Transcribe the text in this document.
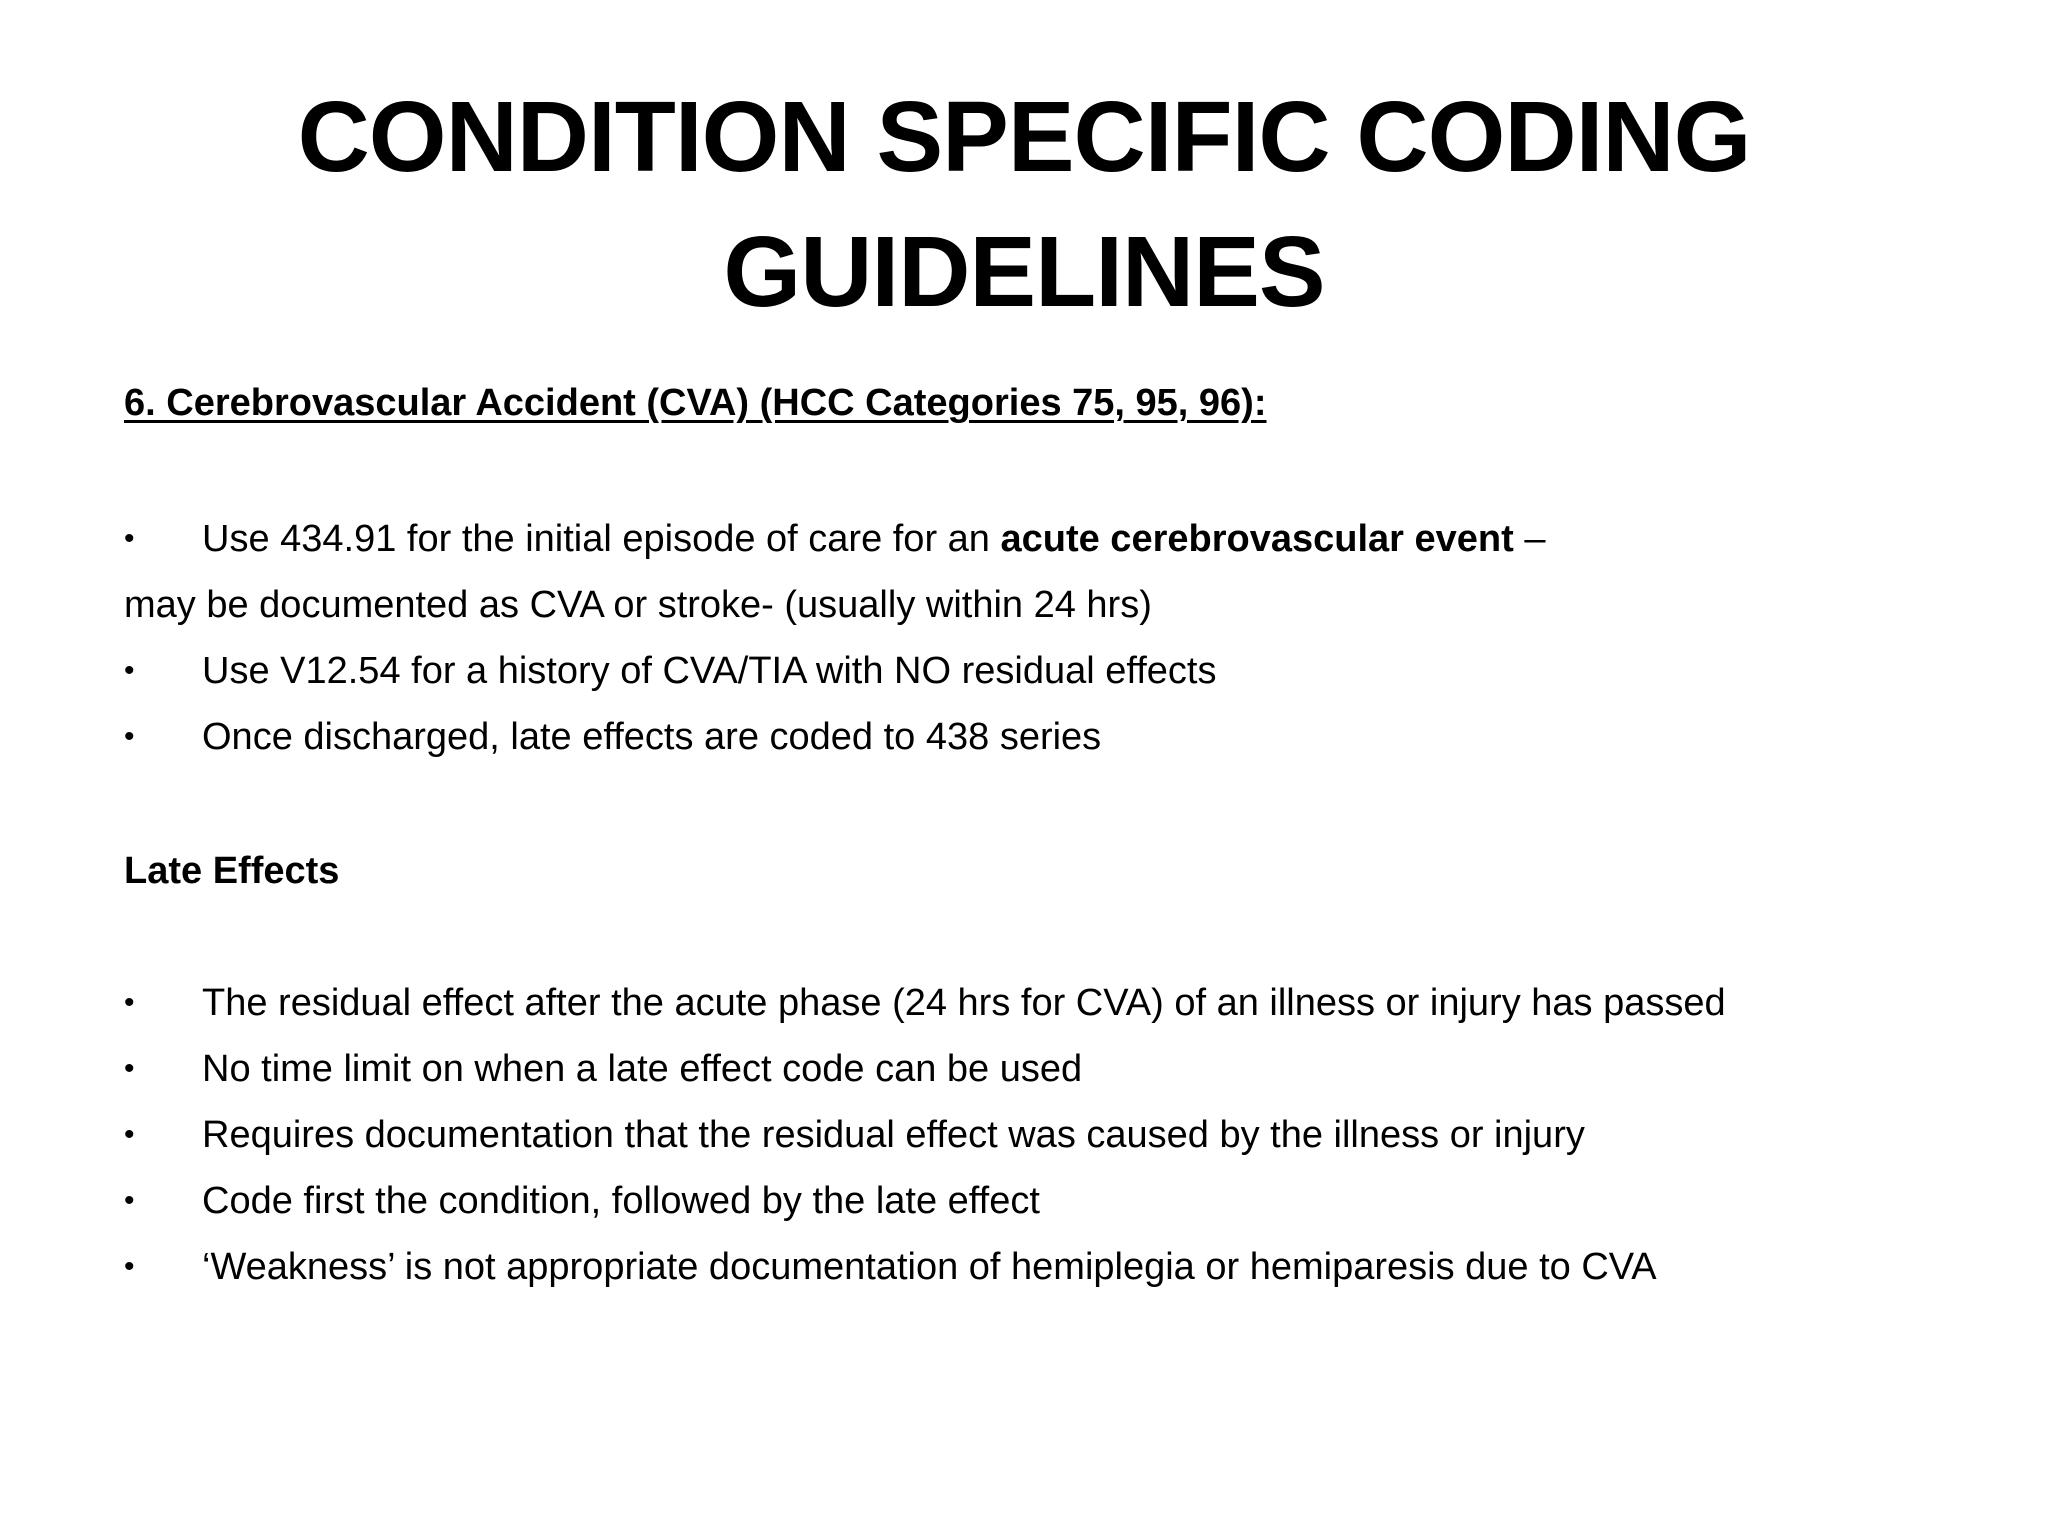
CONDITION SPECIFIC CODING
GUIDELINES
6. Cerebrovascular Accident (CVA) (HCC Categories 75, 95, 96):
•	Use 434.91 for the initial episode of care for an acute cerebrovascular event –
may be documented as CVA or stroke- (usually within 24 hrs)
•	Use V12.54 for a history of CVA/TIA with NO residual effects
•	Once discharged, late effects are coded to 438 series
Late Effects
•	The residual effect after the acute phase (24 hrs for CVA) of an illness or injury has passed
•	No time limit on when a late effect code can be used
•	Requires documentation that the residual effect was caused by the illness or injury
•	Code first the condition, followed by the late effect
•	‘Weakness’ is not appropriate documentation of hemiplegia or hemiparesis due to CVA
